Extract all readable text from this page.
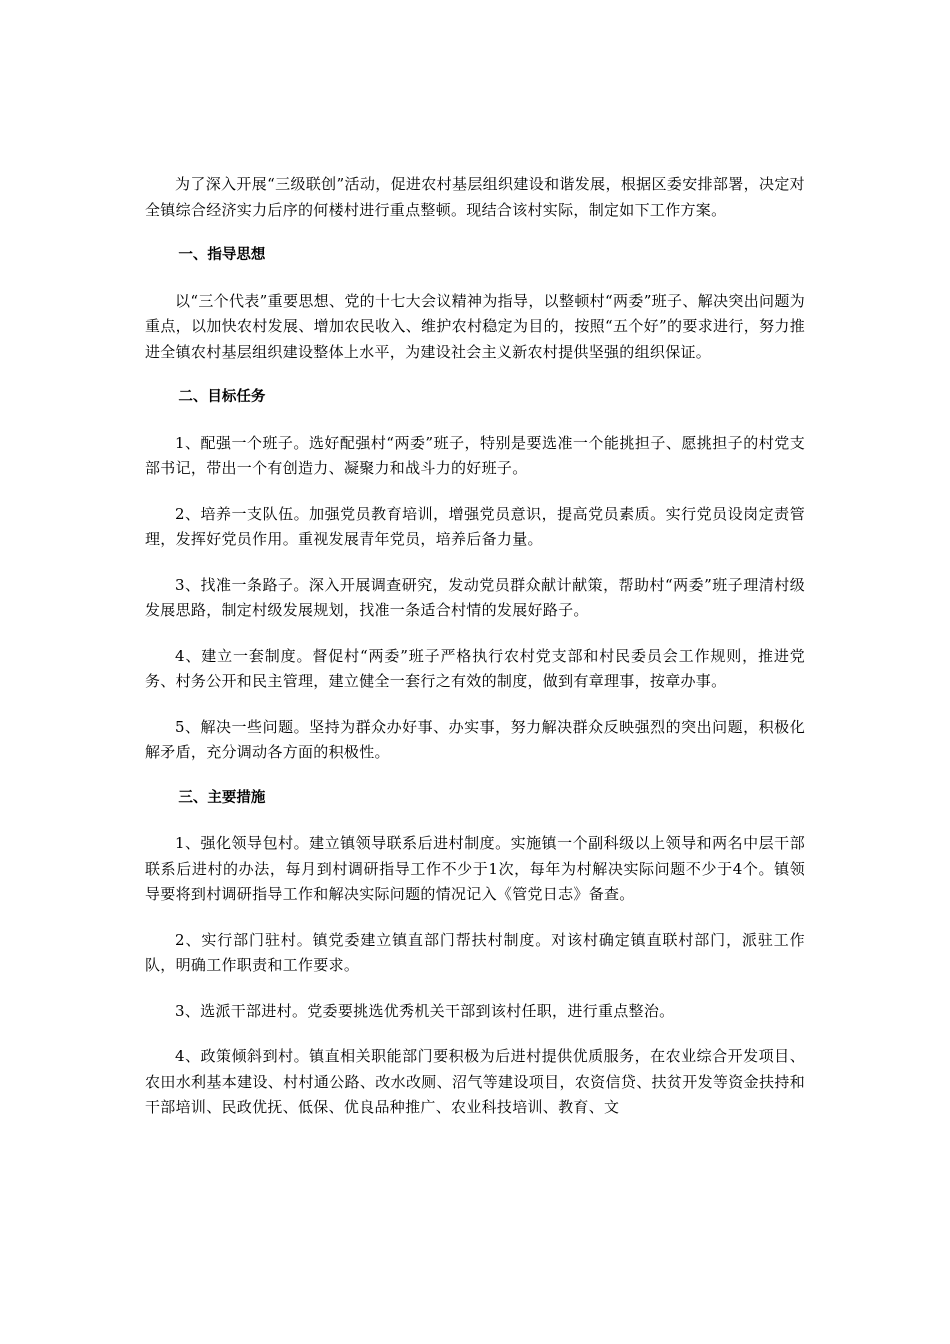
为了深入开展“三级联创”活动，促进农村基层组织建设和谐发展，根据区委安排部署，决定对全镇综合经济实力后序的何楼村进行重点整顿。现结合该村实际，制定如下工作方案。

一、指导思想

以“三个代表”重要思想、党的十七大会议精神为指导，以整顿村“两委”班子、解决突出问题为重点，以加快农村发展、增加农民收入、维护农村稳定为目的，按照“五个好”的要求进行，努力推进全镇农村基层组织建设整体上水平，为建设社会主义新农村提供坚强的组织保证。

二、目标任务

1、配强一个班子。选好配强村“两委”班子，特别是要选准一个能挑担子、愿挑担子的村党支部书记，带出一个有创造力、凝聚力和战斗力的好班子。

2、培养一支队伍。加强党员教育培训，增强党员意识，提高党员素质。实行党员设岗定责管理，发挥好党员作用。重视发展青年党员，培养后备力量。

3、找准一条路子。深入开展调查研究，发动党员群众献计献策，帮助村“两委”班子理清村级发展思路，制定村级发展规划，找准一条适合村情的发展好路子。

4、建立一套制度。督促村“两委”班子严格执行农村党支部和村民委员会工作规则，推进党务、村务公开和民主管理，建立健全一套行之有效的制度，做到有章理事，按章办事。

5、解决一些问题。坚持为群众办好事、办实事，努力解决群众反映强烈的突出问题，积极化解矛盾，充分调动各方面的积极性。

三、主要措施

1、强化领导包村。建立镇领导联系后进村制度。实施镇一个副科级以上领导和两名中层干部联系后进村的办法，每月到村调研指导工作不少于1次，每年为村解决实际问题不少于4个。镇领导要将到村调研指导工作和解决实际问题的情况记入《管党日志》备查。

2、实行部门驻村。镇党委建立镇直部门帮扶村制度。对该村确定镇直联村部门，派驻工作队，明确工作职责和工作要求。

3、选派干部进村。党委要挑选优秀机关干部到该村任职，进行重点整治。

4、政策倾斜到村。镇直相关职能部门要积极为后进村提供优质服务，在农业综合开发项目、农田水利基本建设、村村通公路、改水改厕、沼气等建设项目，农资信贷、扶贫开发等资金扶持和干部培训、民政优抚、低保、优良品种推广、农业科技培训、教育、文
